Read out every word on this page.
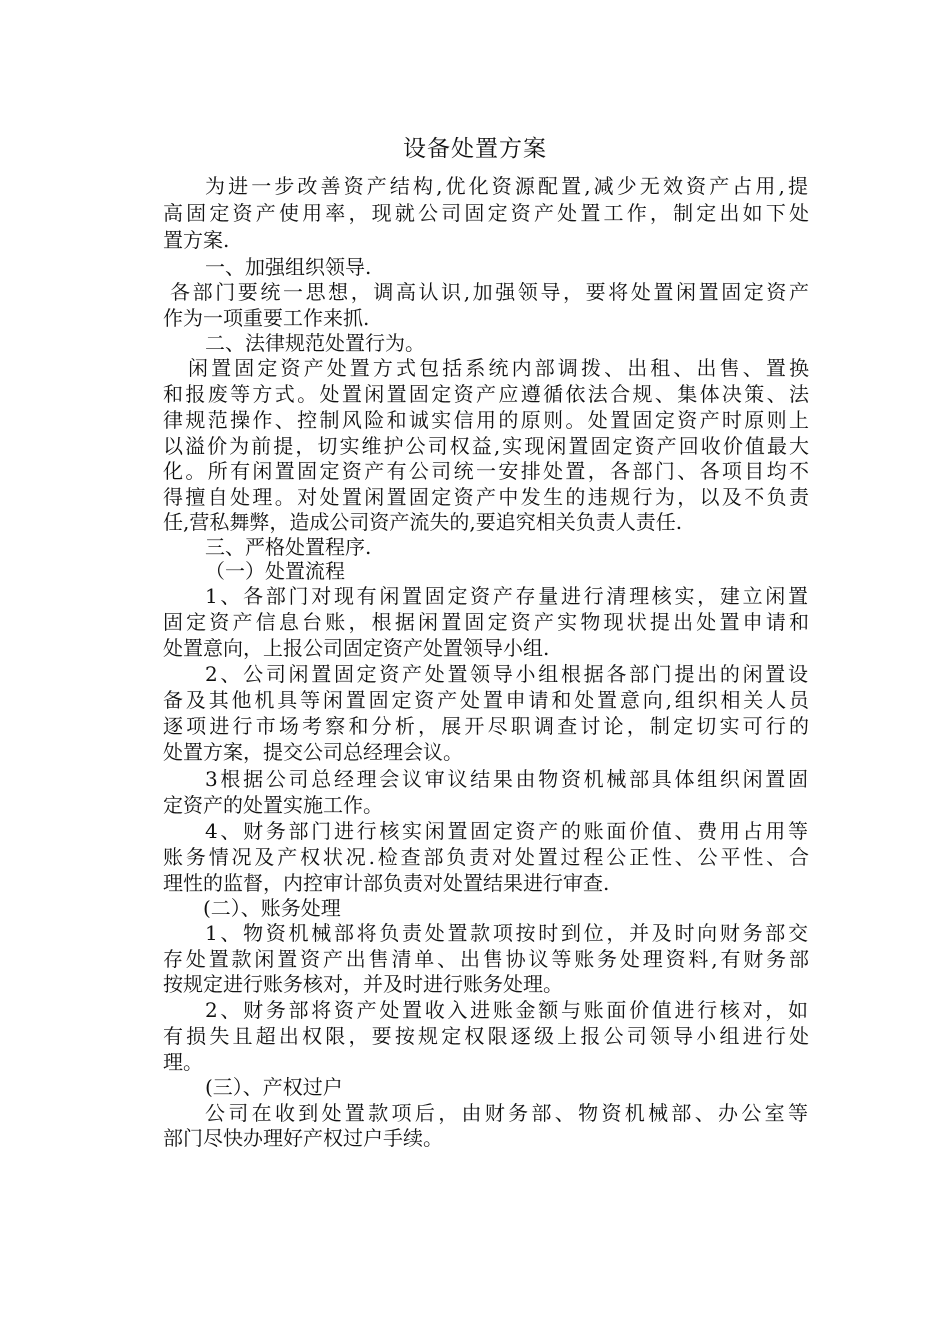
设备处置方案
为进一步改善资产结构,优化资源配置,减少无效资产占用,提
高固定资产使用率，现就公司固定资产处置工作，制定出如下处
置方案.
一、加强组织领导.
各部门要统一思想，调高认识,加强领导，要将处置闲置固定资产
作为一项重要工作来抓.
二、法律规范处置行为。
闲置固定资产处置方式包括系统内部调拨、出租、出售、置换
和报废等方式。处置闲置固定资产应遵循依法合规、集体决策、法
律规范操作、控制风险和诚实信用的原则。处置固定资产时原则上
以溢价为前提，切实维护公司权益,实现闲置固定资产回收价值最大
化。所有闲置固定资产有公司统一安排处置，各部门、各项目均不
得擅自处理。对处置闲置固定资产中发生的违规行为，以及不负责
任,营私舞弊，造成公司资产流失的,要追究相关负责人责任.
三、严格处置程序.
（一）处置流程
1、各部门对现有闲置固定资产存量进行清理核实，建立闲置
固定资产信息台账，根据闲置固定资产实物现状提出处置申请和
处置意向，上报公司固定资产处置领导小组.
2、公司闲置固定资产处置领导小组根据各部门提出的闲置设
备及其他机具等闲置固定资产处置申请和处置意向,组织相关人员
逐项进行市场考察和分析，展开尽职调查讨论，制定切实可行的
处置方案，提交公司总经理会议。
3根据公司总经理会议审议结果由物资机械部具体组织闲置固
定资产的处置实施工作。
4、财务部门进行核实闲置固定资产的账面价值、费用占用等
账务情况及产权状况.检查部负责对处置过程公正性、公平性、合
理性的监督，内控审计部负责对处置结果进行审查.
(二）、账务处理
1、物资机械部将负责处置款项按时到位，并及时向财务部交
存处置款闲置资产出售清单、出售协议等账务处理资料,有财务部
按规定进行账务核对，并及时进行账务处理。
2、财务部将资产处置收入进账金额与账面价值进行核对，如
有损失且超出权限，要按规定权限逐级上报公司领导小组进行处
理。
(三）、产权过户
公司在收到处置款项后，由财务部、物资机械部、办公室等
部门尽快办理好产权过户手续。
